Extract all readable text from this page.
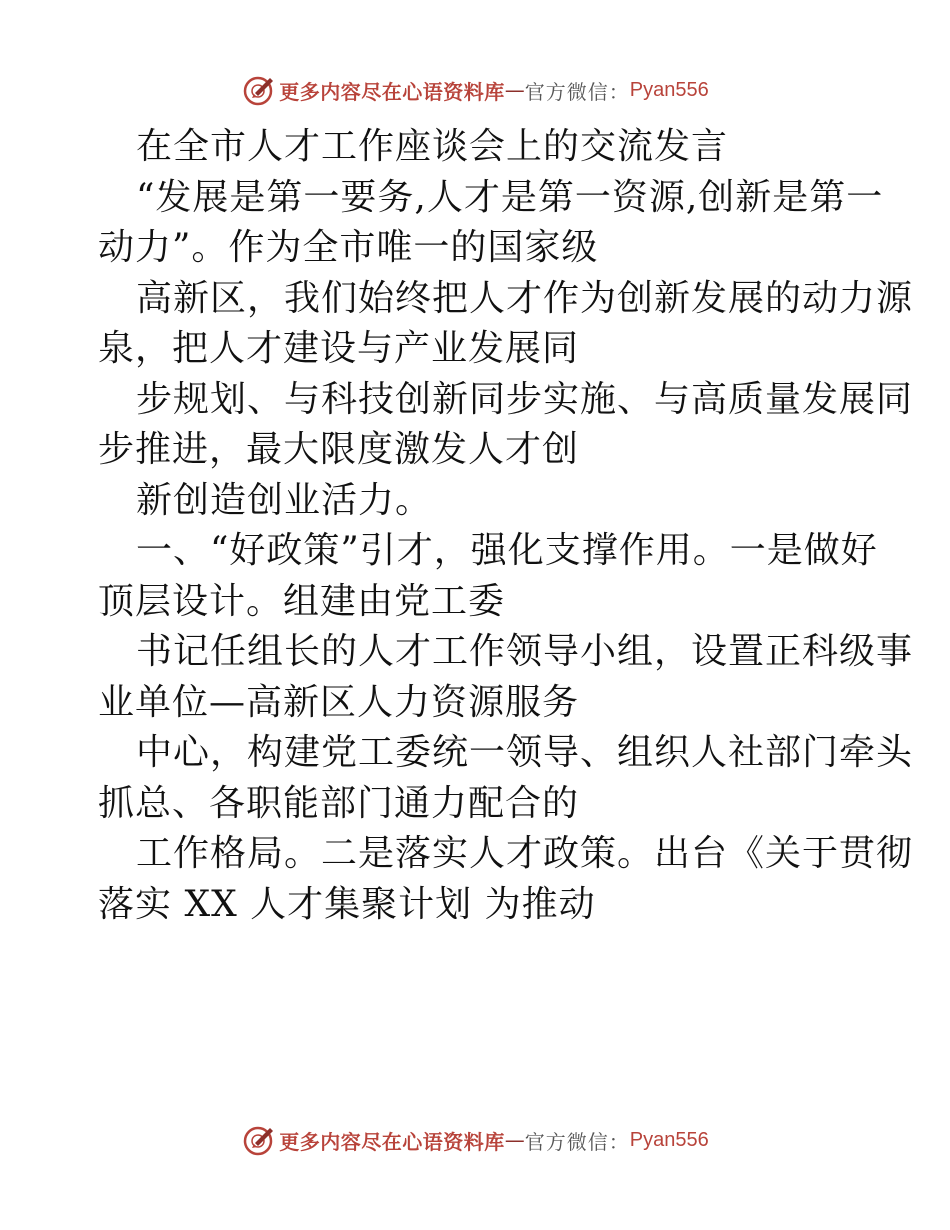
更多内容尽在心语资料库 — 官方微信： Pyan556
在全市人才工作座谈会上的交流发言
“发展是第一要务,人才是第一资源,创新是第一
动力”。作为全市唯一的国家级
高新区，我们始终把人才作为创新发展的动力源
泉，把人才建设与产业发展同
步规划、与科技创新同步实施、与高质量发展同
步推进，最大限度激发人才创
新创造创业活力。
一、“好政策”引才，强化支撑作用。一是做好
顶层设计。组建由党工委
书记任组长的人才工作领导小组，设置正科级事
业单位—高新区人力资源服务
中心，构建党工委统一领导、组织人社部门牵头
抓总、各职能部门通力配合的
工作格局。二是落实人才政策。出台《关于贯彻
落实 XX 人才集聚计划 为推动
更多内容尽在心语资料库 — 官方微信： Pyan556
